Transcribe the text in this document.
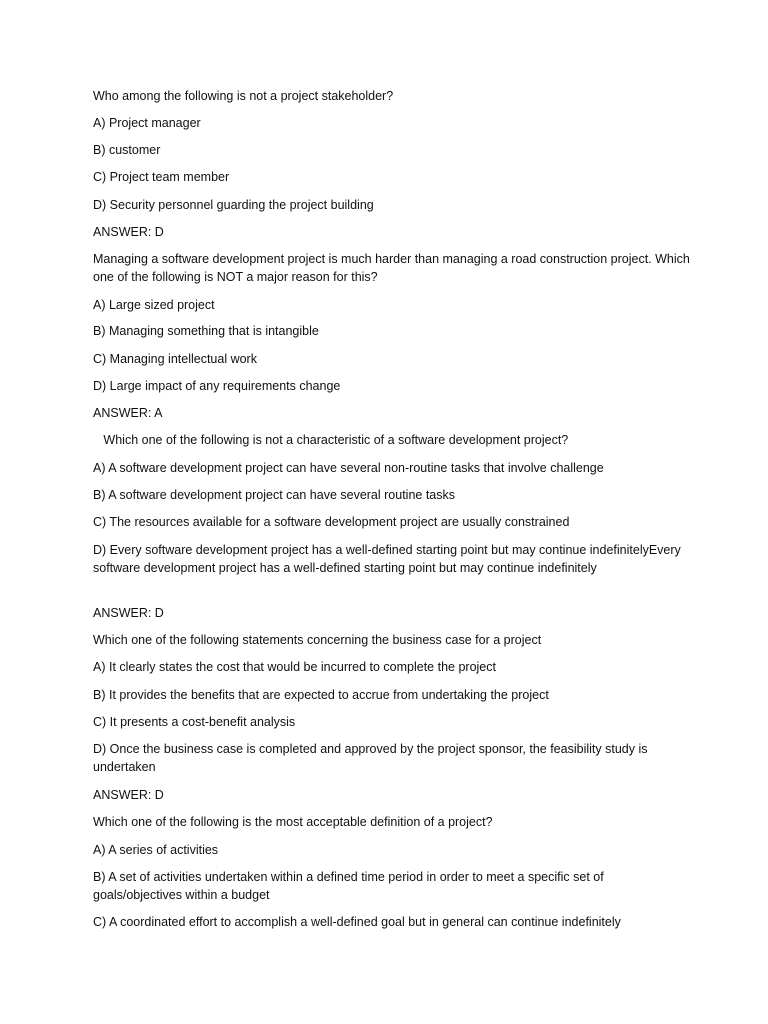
Who among the following is not a project stakeholder?

A) Project manager

B) customer

C) Project team member

D) Security personnel guarding the project building

ANSWER: D

Managing a software development project is much harder than managing a road construction project. Which one of the following is NOT a major reason for this?

A) Large sized project

B) Managing something that is intangible

C) Managing intellectual work

D) Large impact of any requirements change

ANSWER: A

Which one of the following is not a characteristic of a software development project?

A) A software development project can have several non-routine tasks that involve challenge

B) A software development project can have several routine tasks

C) The resources available for a software development project are usually constrained

D) Every software development project has a well-defined starting point but may continue indefinitelyEvery software development project has a well-defined starting point but may continue indefinitely

ANSWER: D

Which one of the following statements concerning the business case for a project

A) It clearly states the cost that would be incurred to complete the project

B) It provides the benefits that are expected to accrue from undertaking the project

C) It presents a cost-benefit analysis

D) Once the business case is completed and approved by the project sponsor, the feasibility study is undertaken

ANSWER: D

Which one of the following is the most acceptable definition of a project?

A) A series of activities

B) A set of activities undertaken within a defined time period in order to meet a specific set of goals/objectives within a budget

C) A coordinated effort to accomplish a well-defined goal but in general can continue indefinitely
